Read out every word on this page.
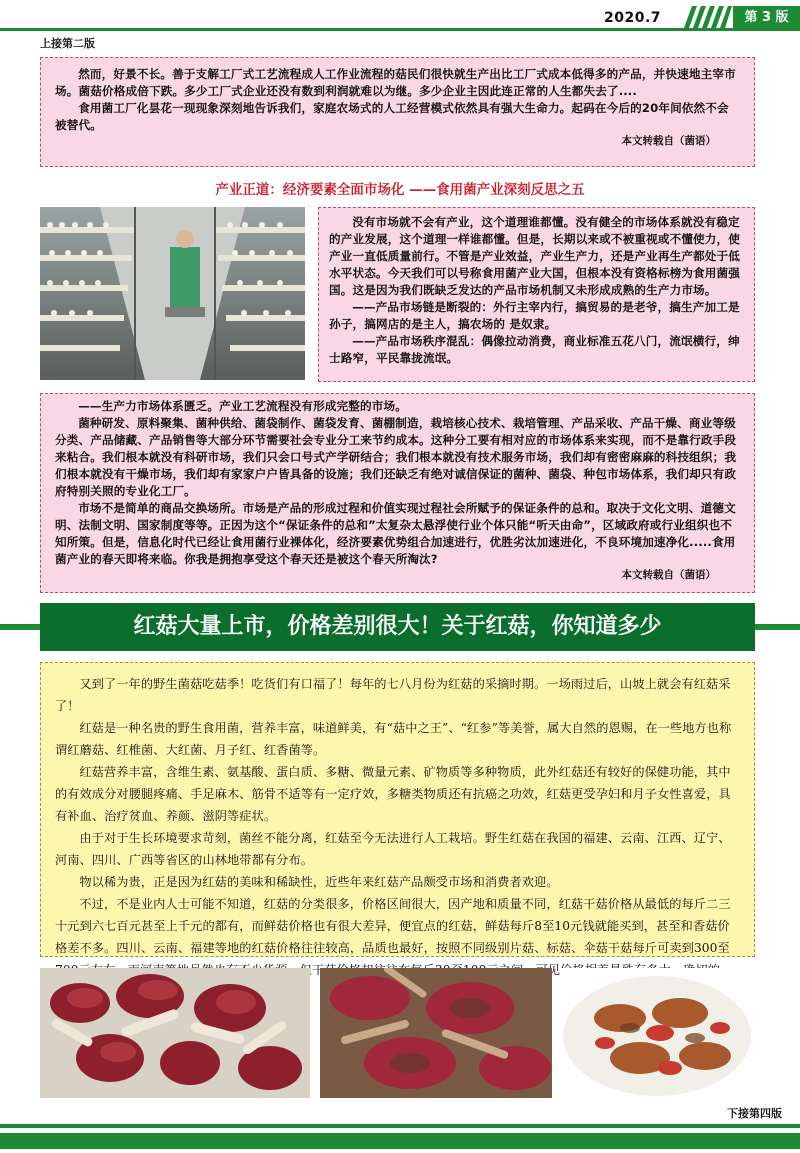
2020.7	第 3 版
上接第二版

然而，好景不长。善于支解工厂式工艺流程成人工作业流程的菇民们很快就生产出比工厂式成本低得多的产品，并快速地主宰市场。菌菇价格成倍下跌。多少工厂式企业还没有数到利润就难以为继。多少企业主因此连正常的人生都失去了....

食用菌工厂化昙花一现现象深刻地告诉我们，家庭农场式的人工经营模式依然具有强大生命力。起码在今后的20年间依然不会被替代。

本文转载自（菌语）

产业正道：经济要素全面市场化 ——食用菌产业深刻反思之五

没有市场就不会有产业，这个道理谁都懂。没有健全的市场体系就没有稳定的产业发展，这个道理一样谁都懂。但是，长期以来或不被重视或不懂使力，使产业一直低质量前行。不管是产业效益，产业生产力，还是产业再生产都处于低水平状态。今天我们可以号称食用菌产业大国，但根本没有资格标榜为食用菌强国。这是因为我们既缺乏发达的产品市场机制又未形成成熟的生产力市场。

——产品市场链是断裂的：外行主宰内行，搞贸易的是老爷，搞生产加工是孙子，搞网店的是主人，搞农场的 是奴隶。

——产品市场秩序混乱：偶像拉动消费，商业标准五花八门，流氓横行，绅士路窄，平民靠拢流氓。

——生产力市场体系匮乏。产业工艺流程没有形成完整的市场。

菌种研发、原料聚集、菌种供给、菌袋制作、菌袋发育、菌棚制造，栽培核心技术、栽培管理、产品采收、产品干燥、商业等级分类、产品储藏、产品销售等大部分环节需要社会专业分工来节约成本。这种分工要有相对应的市场体系来实现，而不是靠行政手段来粘合。我们根本就没有科研市场，我们只会口号式产学研结合；我们根本就没有技术服务市场，我们却有密密麻麻的科技组织；我们根本就没有干燥市场，我们却有家家户户皆具备的设施；我们还缺乏有绝对诚信保证的菌种、菌袋、种包市场体系，我们却只有政府特别关照的专业化工厂。

市场不是简单的商品交换场所。市场是产品的形成过程和价值实现过程社会所赋予的保证条件的总和。取决于文化文明、道德文明、法制文明、国家制度等等。正因为这个“保证条件的总和”太复杂太悬浮使行业个体只能“听天由命”，区域政府或行业组织也不知所策。但是，信息化时代已经让食用菌行业裸体化，经济要素优势组合加速进行，优胜劣汰加速进化，不良环境加速净化.....食用菌产业的春天即将来临。你我是拥抱享受这个春天还是被这个春天所淘汰?

本文转载自（菌语）

红菇大量上市，价格差别很大！关于红菇，你知道多少

又到了一年的野生菌菇吃菇季！吃货们有口福了！每年的七八月份为红菇的采摘时期。一场雨过后，山坡上就会有红菇采了！

红菇是一种名贵的野生食用菌，营养丰富，味道鲜美，有“菇中之王”、“红参”等美誉，属大自然的恩赐，在一些地方也称谓红蘑菇、红椎菌、大红菌、月子红、红香菌等。

红菇营养丰富，含维生素、氨基酸、蛋白质、多糖、微量元素、矿物质等多种物质，此外红菇还有较好的保健功能，其中的有效成分对腰腿疼痛、手足麻木、筋骨不适等有一定疗效，多糖类物质还有抗癌之功效，红菇更受孕妇和月子女性喜爱，具有补血、治疗贫血、养颜、滋阴等症状。

由于对于生长环境要求苛刻，菌丝不能分离，红菇至今无法进行人工栽培。野生红菇在我国的福建、云南、江西、辽宁、河南、四川、广西等省区的山林地带都有分布。

物以稀为贵，正是因为红菇的美味和稀缺性，近些年来红菇产品颇受市场和消费者欢迎。

不过，不是业内人士可能不知道，红菇的分类很多，价格区间很大，因产地和质量不同，红菇干菇价格从最低的每斤二三十元到六七百元甚至上千元的都有，而鲜菇价格也有很大差异，便宜点的红菇，鲜菇每斤8至10元钱就能买到，甚至和香菇价格差不多。四川、云南、福建等地的红菇价格往往较高，品质也最好，按照不同级别片菇、标菇、伞菇干菇每斤可卖到300至 但干 可见价

下接第四版
